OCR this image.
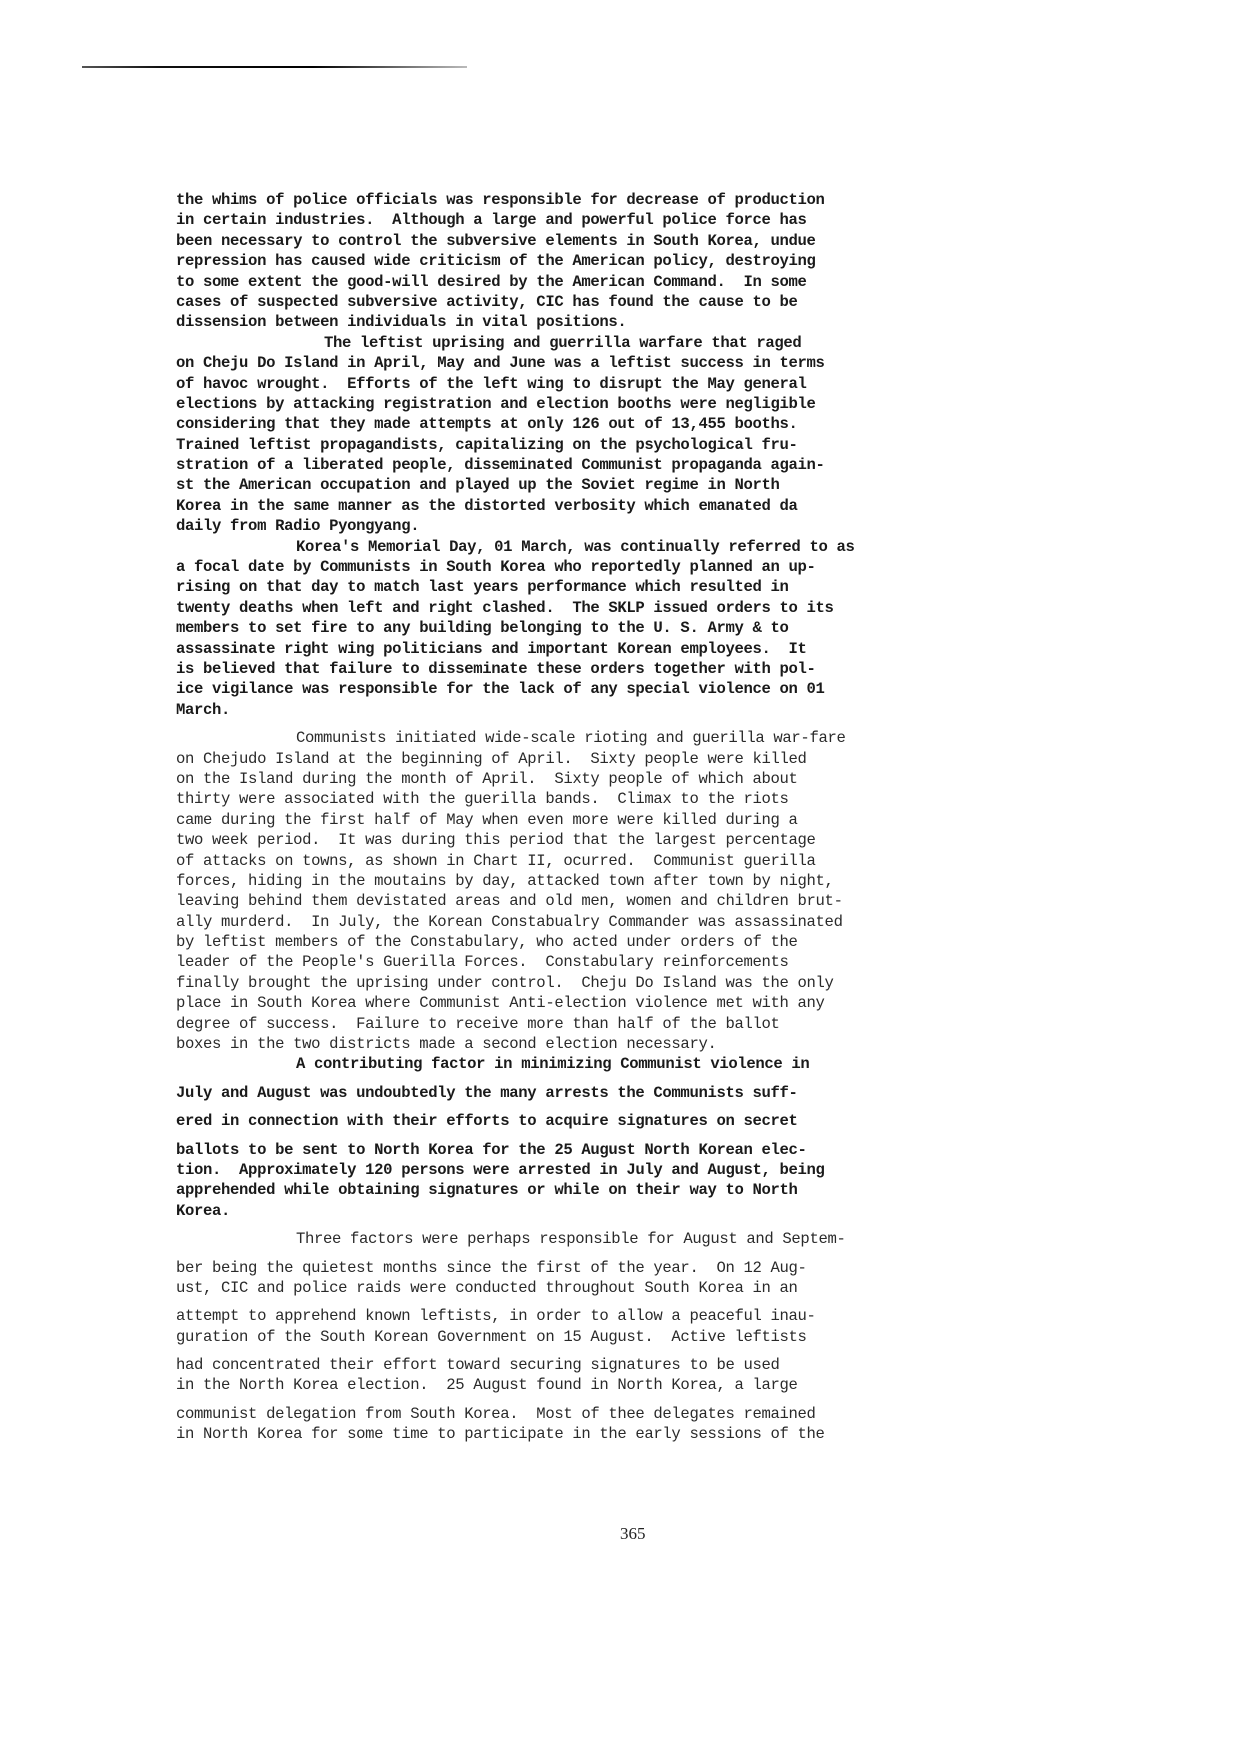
the whims of police officials was responsible for decrease of production
in certain industries.  Although a large and powerful police force has
been necessary to control the subversive elements in South Korea, undue
repression has caused wide criticism of the American policy, destroying
to some extent the good-will desired by the American Command.  In some
cases of suspected subversive activity, CIC has found the cause to be
dissension between individuals in vital positions.
The leftist uprising and guerrilla warfare that raged
on Cheju Do Island in April, May and June was a leftist success in terms
of havoc wrought.  Efforts of the left wing to disrupt the May general
elections by attacking registration and election booths were negligible
considering that they made attempts at only 126 out of 13,455 booths.
Trained leftist propagandists, capitalizing on the psychological fru-
stration of a liberated people, disseminated Communist propaganda again-
st the American occupation and played up the Soviet regime in North
Korea in the same manner as the distorted verbosity which emanated da
daily from Radio Pyongyang.
Korea's Memorial Day, 01 March, was continually referred to as
a focal date by Communists in South Korea who reportedly planned an up-
rising on that day to match last years performance which resulted in
twenty deaths when left and right clashed.  The SKLP issued orders to its
members to set fire to any building belonging to the U. S. Army & to
assassinate right wing politicians and important Korean employees.  It
is believed that failure to disseminate these orders together with pol-
ice vigilance was responsible for the lack of any special violence on 01
March.
Communists initiated wide-scale rioting and guerilla war-fare
on Chejudo Island at the beginning of April.  Sixty people were killed
on the Island during the month of April.  Sixty people of which about
thirty were associated with the guerilla bands.  Climax to the riots
came during the first half of May when even more were killed during a
two week period.  It was during this period that the largest percentage
of attacks on towns, as shown in Chart II, ocurred.  Communist guerilla
forces, hiding in the moutains by day, attacked town after town by night,
leaving behind them devistated areas and old men, women and children brut-
ally murderd.  In July, the Korean Constabualry Commander was assassinated
by leftist members of the Constabulary, who acted under orders of the
leader of the People's Guerilla Forces.  Constabulary reinforcements
finally brought the uprising under control.  Cheju Do Island was the only
place in South Korea where Communist Anti-election violence met with any
degree of success.  Failure to receive more than half of the ballot
boxes in the two districts made a second election necessary.
A contributing factor in minimizing Communist violence in
July and August was undoubtedly the many arrests the Communists suff-
ered in connection with their efforts to acquire signatures on secret
ballots to be sent to North Korea for the 25 August North Korean elec-
tion.  Approximately 120 persons were arrested in July and August, being
apprehended while obtaining signatures or while on their way to North
Korea.
Three factors were perhaps responsible for August and Septem-
ber being the quietest months since the first of the year.  On 12 Aug-
ust, CIC and police raids were conducted throughout South Korea in an
attempt to apprehend known leftists, in order to allow a peaceful inau-
guration of the South Korean Government on 15 August.  Active leftists
had concentrated their effort toward securing signatures to be used
in the North Korea election.  25 August found in North Korea, a large
communist delegation from South Korea.  Most of thee delegates remained
in North Korea for some time to participate in the early sessions of the
365
